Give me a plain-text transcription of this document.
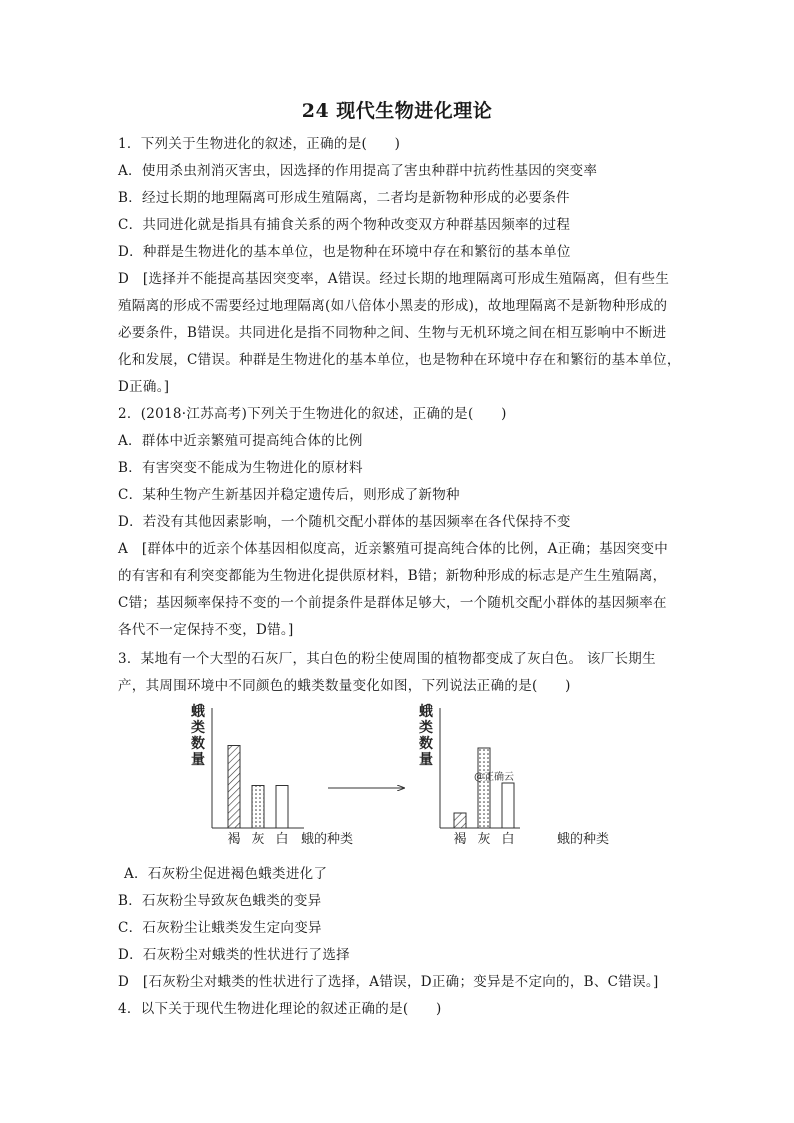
24 现代生物进化理论
1．下列关于生物进化的叙述，正确的是(　　)
A．使用杀虫剂消灭害虫，因选择的作用提高了害虫种群中抗药性基因的突变率
B．经过长期的地理隔离可形成生殖隔离，二者均是新物种形成的必要条件
C．共同进化就是指具有捕食关系的两个物种改变双方种群基因频率的过程
D．种群是生物进化的基本单位，也是物种在环境中存在和繁衍的基本单位
D　[选择并不能提高基因突变率，A错误。经过长期的地理隔离可形成生殖隔离，但有些生
殖隔离的形成不需要经过地理隔离(如八倍体小黑麦的形成)，故地理隔离不是新物种形成的
必要条件，B错误。共同进化是指不同物种之间、生物与无机环境之间在相互影响中不断进
化和发展，C错误。种群是生物进化的基本单位，也是物种在环境中存在和繁衍的基本单位，
D正确。]
2．(2018·江苏高考)下列关于生物进化的叙述，正确的是(　　)
A．群体中近亲繁殖可提高纯合体的比例
B．有害突变不能成为生物进化的原材料
C．某种生物产生新基因并稳定遗传后，则形成了新物种
D．若没有其他因素影响，一个随机交配小群体的基因频率在各代保持不变
A　[群体中的近亲个体基因相似度高，近亲繁殖可提高纯合体的比例，A正确；基因突变中
的有害和有利突变都能为生物进化提供原材料，B错；新物种形成的标志是产生生殖隔离，
C错；基因频率保持不变的一个前提条件是群体足够大，一个随机交配小群体的基因频率在
各代不一定保持不变，D错。]
3．某地有一个大型的石灰厂，其白色的粉尘使周围的植物都变成了灰白色。 该厂长期生
产，其周围环境中不同颜色的蛾类数量变化如图，下列说法正确的是(　　)
蛾
类
数
量
褐 灰 白 蛾的种类
蛾
类
数
量
褐 灰 白	蛾的种类
@正确云
A．石灰粉尘促进褐色蛾类进化了
B．石灰粉尘导致灰色蛾类的变异
C．石灰粉尘让蛾类发生定向变异
D．石灰粉尘对蛾类的性状进行了选择
D　[石灰粉尘对蛾类的性状进行了选择，A错误，D正确；变异是不定向的，B、C错误。]
4．以下关于现代生物进化理论的叙述正确的是(　　)
